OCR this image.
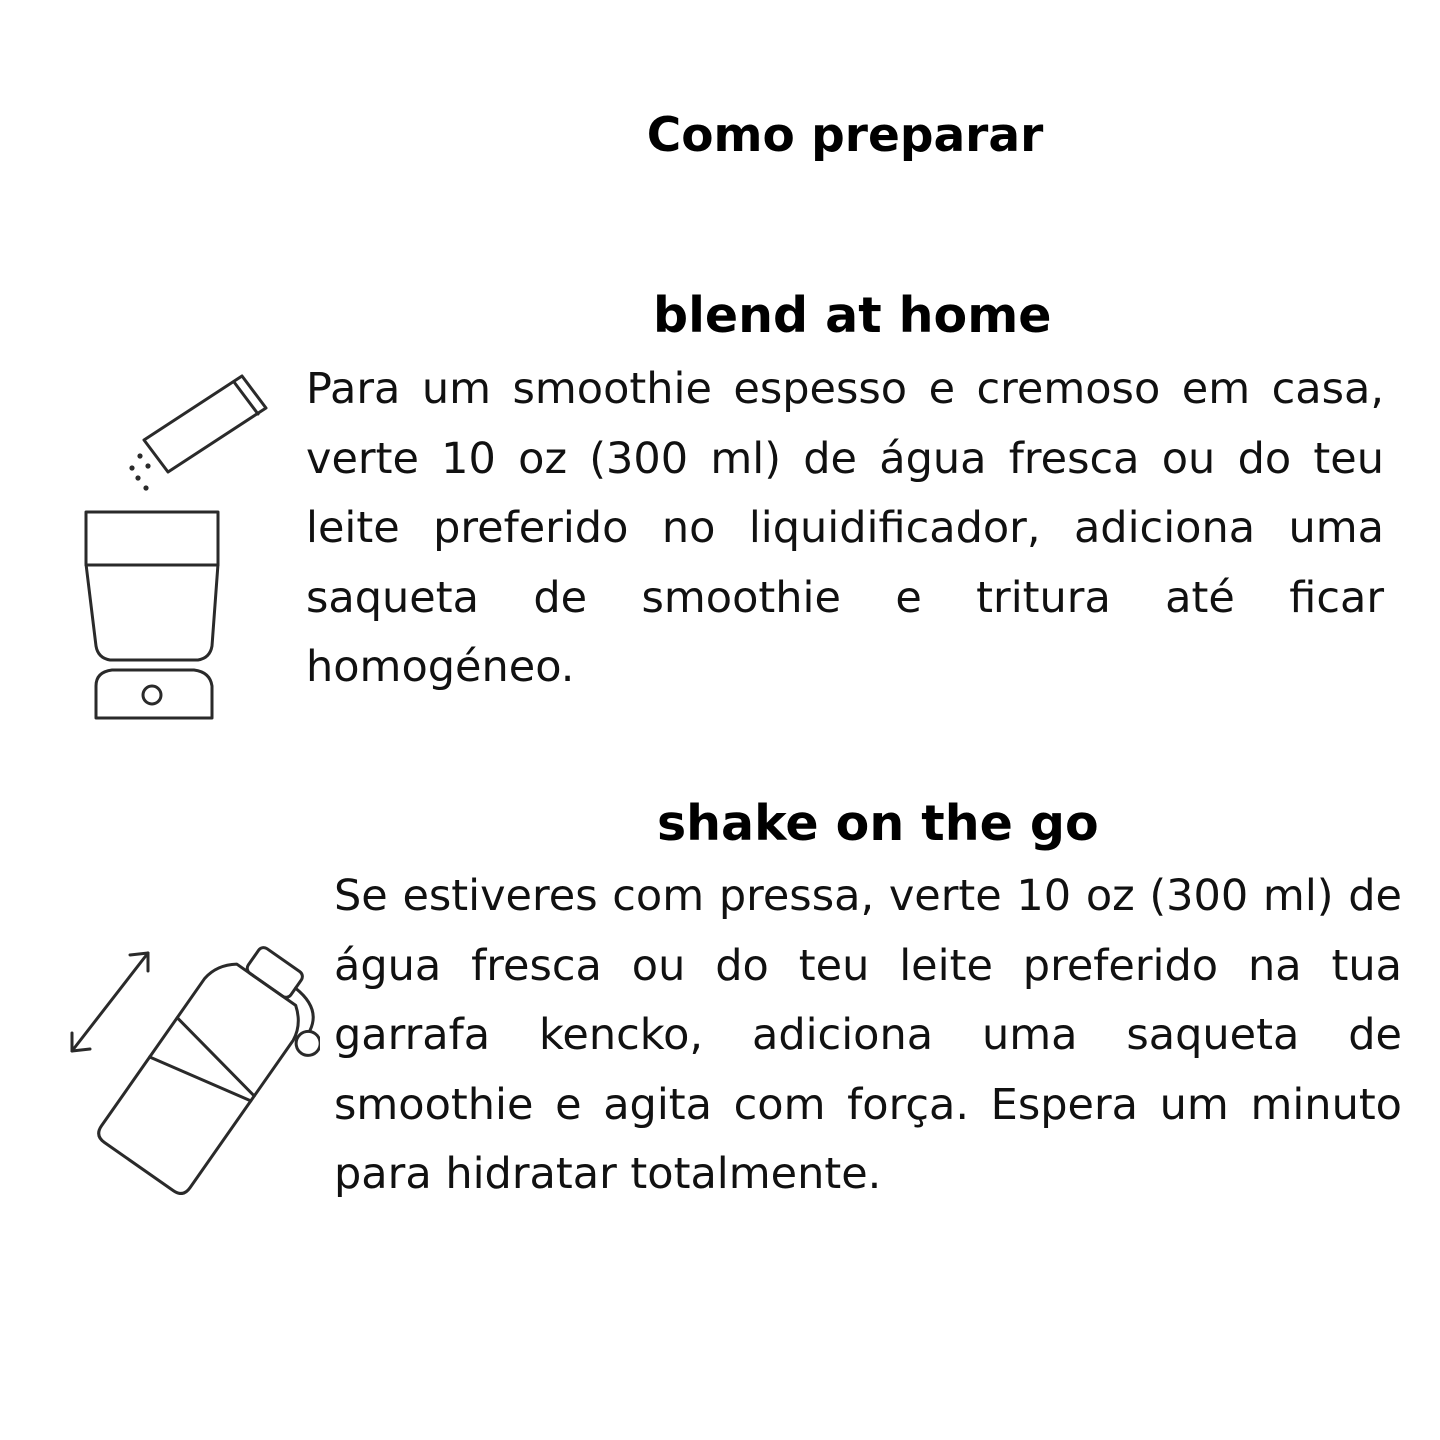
Como preparar
blend at home

Para um smoothie espesso e cremoso em casa, verte 10 oz (300 ml) de água fresca ou do teu leite preferido no liquidificador, adiciona uma saqueta de smoothie e tritura até ficar homogéneo.

shake on the go

Se estiveres com pressa, verte 10 oz (300 ml) de água fresca ou do teu leite preferido na tua garrafa kencko, adiciona uma saqueta de smoothie e agita com força. Espera um minuto para hidratar totalmente.
